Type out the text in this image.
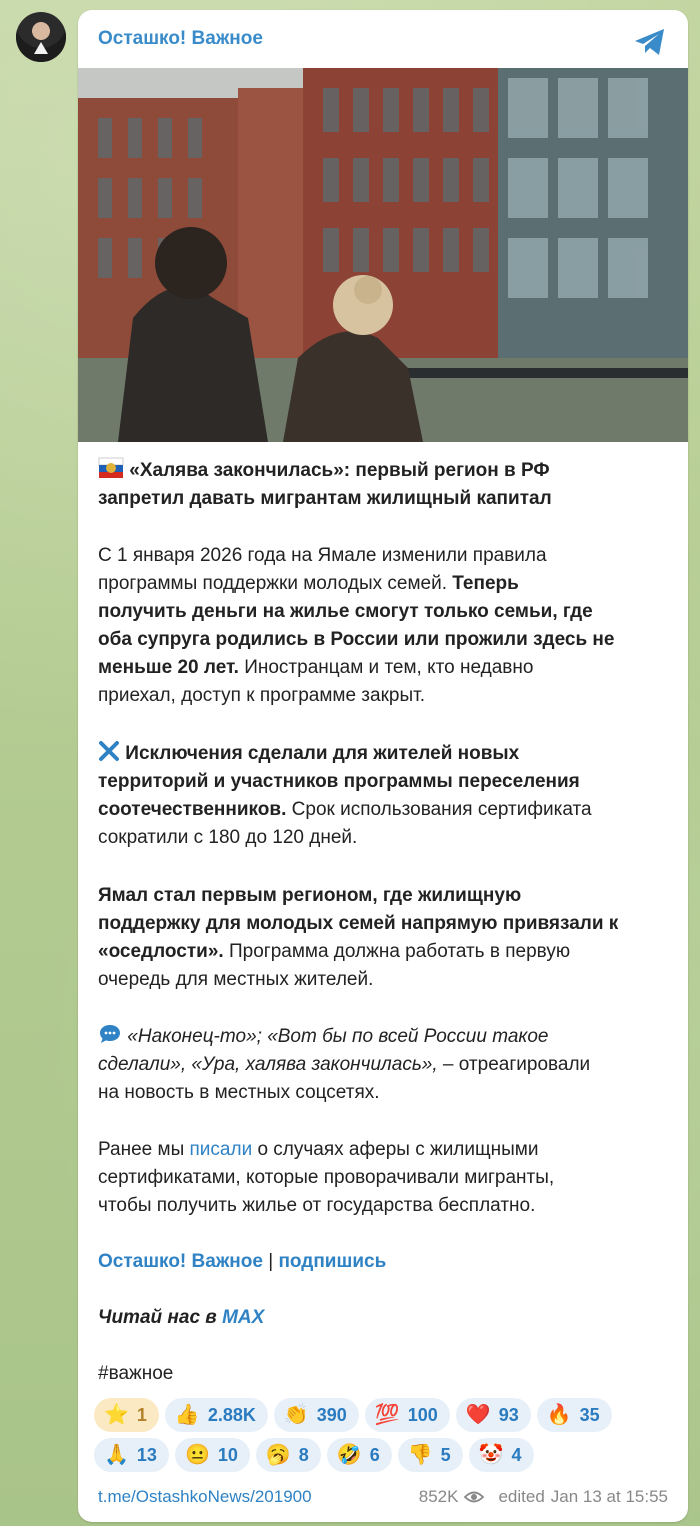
Осташко! Важное
«Халява закончилась»: первый регион в РФ
запретил давать мигрантам жилищный капитал
С 1 января 2026 года на Ямале изменили правила
программы поддержки молодых семей. Теперь
получить деньги на жилье смогут только семьи, где
оба супруга родились в России или прожили здесь не
меньше 20 лет. Иностранцам и тем, кто недавно
приехал, доступ к программе закрыт.
Исключения сделали для жителей новых
территорий и участников программы переселения
соотечественников. Срок использования сертификата
сократили с 180 до 120 дней.
Ямал стал первым регионом, где жилищную
поддержку для молодых семей напрямую привязали к
«оседлости». Программа должна работать в первую
очередь для местных жителей.
«Наконец-то»; «Вот бы по всей России такое
сделали», «Ура, халява закончилась», – отреагировали
на новость в местных соцсетях.
Ранее мы писали о случаях аферы с жилищными
сертификатами, которые проворачивали мигранты,
чтобы получить жилье от государства бесплатно.
Осташко! Важное | подпишись
Читай нас в MAX
#важное
⭐ 1 👍 2.88K 👏 390 💯 100 ❤️ 93 🔥 35
🙏 13 😐 10 🥱 8 🤣 6 👎 5 🤡 4
t.me/OstashkoNews/201900	852K edited Jan 13 at 15:55
